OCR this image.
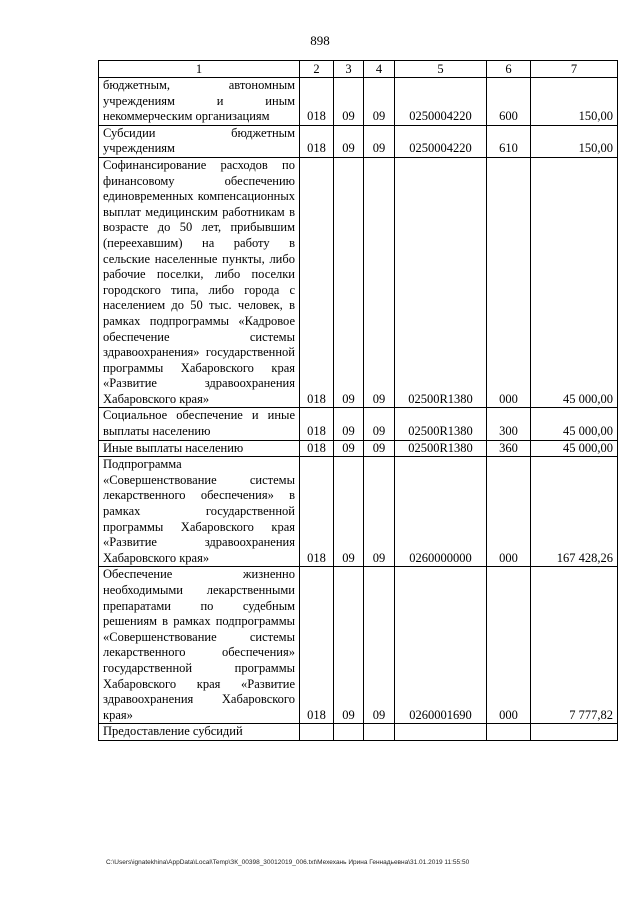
898
1	2	3	4	5	6	7
бюджетным, автономным учреждениям и иным некоммерческим организациям	018	09	09	0250004220	600	150,00
Субсидии бюджетным учреждениям	018	09	09	0250004220	610	150,00
Софинансирование расходов по финансовому обеспечению единовременных компенсационных выплат медицинским работникам в возрасте до 50 лет, прибывшим (переехавшим) на работу в сельские населенные пункты, либо рабочие поселки, либо поселки городского типа, либо города с населением до 50 тыс. человек, в рамках подпрограммы «Кадровое обеспечение системы здравоохранения» государственной программы Хабаровского края «Развитие здравоохранения Хабаровского края»	018	09	09	02500R1380	000	45 000,00
Социальное обеспечение и иные выплаты населению	018	09	09	02500R1380	300	45 000,00
Иные выплаты населению	018	09	09	02500R1380	360	45 000,00
Подпрограмма «Совершенствование системы лекарственного обеспечения» в рамках государственной программы Хабаровского края «Развитие здравоохранения Хабаровского края»	018	09	09	0260000000	000	167 428,26
Обеспечение жизненно необходимыми лекарственными препаратами по судебным решениям в рамках подпрограммы «Совершенствование системы лекарственного обеспечения» государственной программы Хабаровского края «Развитие здравоохранения Хабаровского края»	018	09	09	0260001690	000	7 777,82
Предоставление субсидий						
C:\Users\ignatekhina\AppData\Local\Temp\ЗК_00398_30012019_006.txt\Мехехань Ирина Геннадьевна\31.01.2019 11:55:50
